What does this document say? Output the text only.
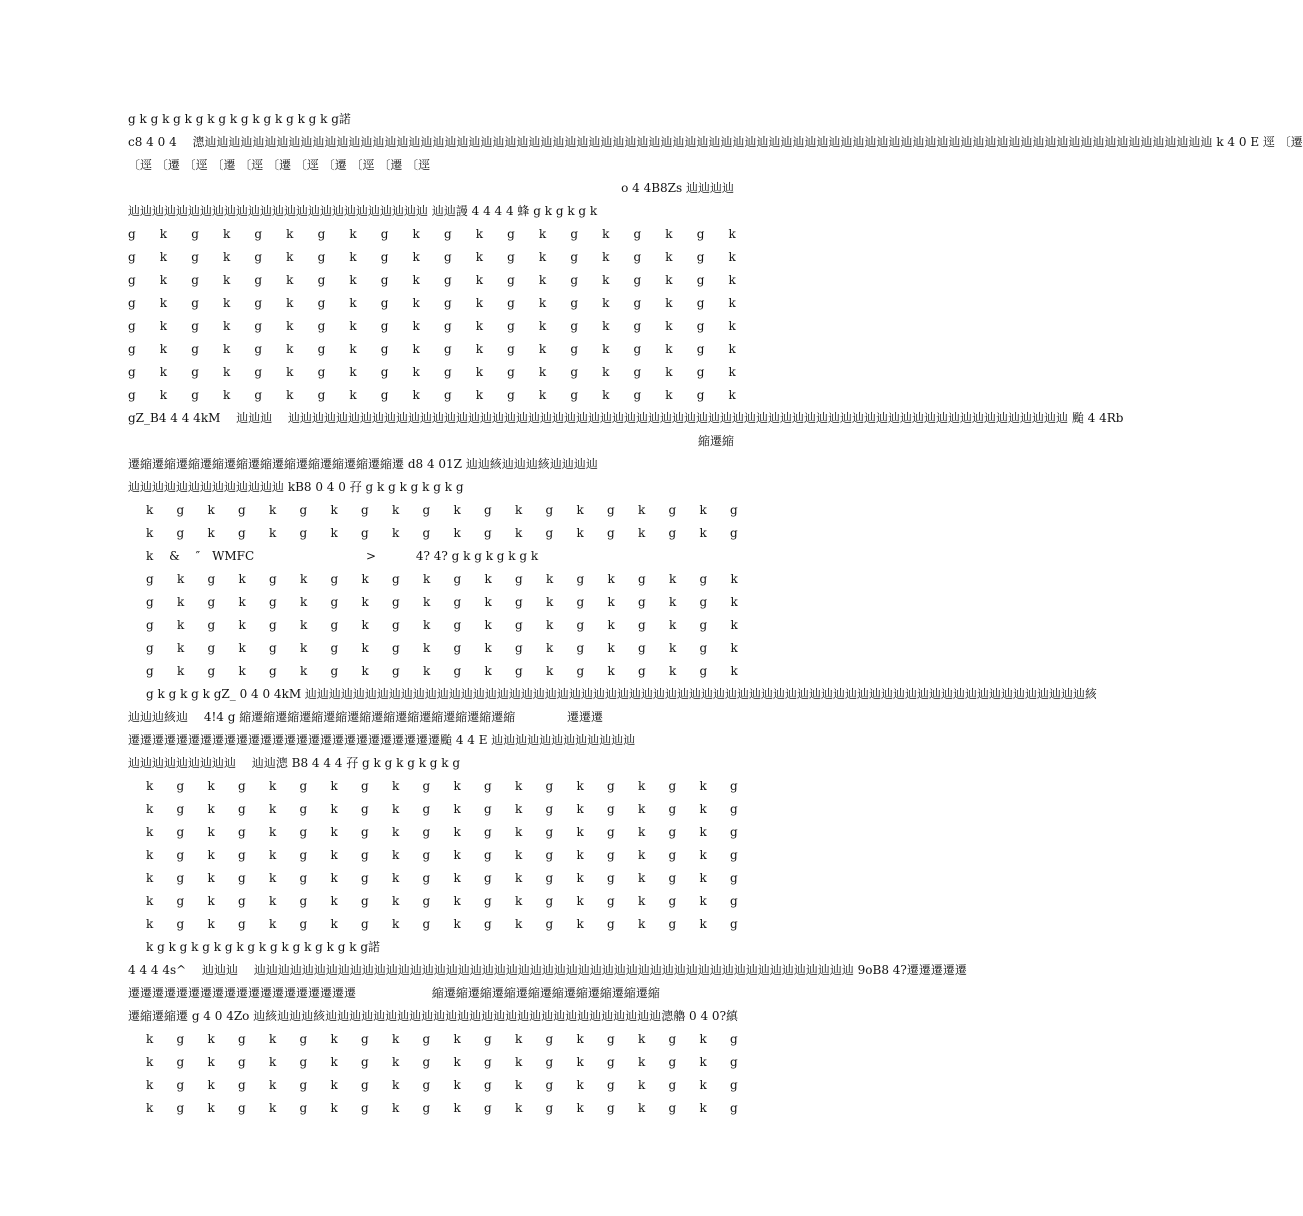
g k g k g k g k g k g k g k g k g k g諾
c8 4 0 4　 漗辿辿辿辿辿辿辿辿辿辿辿辿辿辿辿辿辿辿辿辿辿辿辿辿辿辿辿辿辿辿辿辿辿辿辿辿辿辿辿辿辿辿辿辿辿辿辿辿辿辿辿辿辿辿辿辿辿辿辿辿辿辿辿辿辿辿辿辿辿辿辿辿辿辿辿辿辿辿辿辿辿辿辿辿 k 4 0 E 逕 〔遷
〔逕 〔遷 〔逕 〔遷 〔逕 〔遷 〔逕 〔遷 〔逕 〔遷 〔逕
o 4 4B8Zs 辿辿辿辿
辿辿辿辿辿辿辿辿辿辿辿辿辿辿辿辿辿辿辿辿辿辿辿辿辿 辿辿謾 4 4 4 4 蜂 g k g k g k
g k g k g k g k g k g k g k g k g k g k
g k g k g k g k g k g k g k g k g k g k
g k g k g k g k g k g k g k g k g k g k
g k g k g k g k g k g k g k g k g k g k
g k g k g k g k g k g k g k g k g k g k
g k g k g k g k g k g k g k g k g k g k
g k g k g k g k g k g k g k g k g k g k
g k g k g k g k g k g k g k g k g k g k
gZ_B4 4 4 4kM　 辿辿辿　 辿辿辿辿辿辿辿辿辿辿辿辿辿辿辿辿辿辿辿辿辿辿辿辿辿辿辿辿辿辿辿辿辿辿辿辿辿辿辿辿辿辿辿辿辿辿辿辿辿辿辿辿辿辿辿辿辿辿辿辿辿辿辿辿辿 颱 4 4Rb
縮遷縮
遷縮遷縮遷縮遷縮遷縮遷縮遷縮遷縮遷縮遷縮遷縮遷 d8 4 01Z 辿辿絯辿辿辿絯辿辿辿辿
辿辿辿辿辿辿辿辿辿辿辿辿辿 kB8 0 4 0 孖 g k g k g k g k g
k g k g k g k g k g k g k g k g k g k g
k g k g k g k g k g k g k g k g k g k g
k　 &　 ″　WMFC　　　　　　　　　 >　　　 4? 4? g k g k g k g k
g k g k g k g k g k g k g k g k g k g k
g k g k g k g k g k g k g k g k g k g k
g k g k g k g k g k g k g k g k g k g k
g k g k g k g k g k g k g k g k g k g k
g k g k g k g k g k g k g k g k g k g k
g k g k g k gZ_ 0 4 0 4kM 辿辿辿辿辿辿辿辿辿辿辿辿辿辿辿辿辿辿辿辿辿辿辿辿辿辿辿辿辿辿辿辿辿辿辿辿辿辿辿辿辿辿辿辿辿辿辿辿辿辿辿辿辿辿辿辿辿辿辿辿辿辿辿辿辿絯
辿辿辿絯辿　 4!4 g 縮遷縮遷縮遷縮遷縮遷縮遷縮遷縮遷縮遷縮遷縮遷縮　　　　 遷遷遷
遷遷遷遷遷遷遷遷遷遷遷遷遷遷遷遷遷遷遷遷遷遷遷遷遷遷颱 4 4 E 辿辿辿辿辿辿辿辿辿辿辿辿
辿辿辿辿辿辿辿辿辿　 辿辿漗 B8 4 4 4 孖 g k g k g k g k g
k g k g k g k g k g k g k g k g k g k g
k g k g k g k g k g k g k g k g k g k g
k g k g k g k g k g k g k g k g k g k g
k g k g k g k g k g k g k g k g k g k g
k g k g k g k g k g k g k g k g k g k g
k g k g k g k g k g k g k g k g k g k g
k g k g k g k g k g k g k g k g k g k g
k g k g k g k g k g k g k g k g k g k g諾
4 4 4 4s^　 辿辿辿　 辿辿辿辿辿辿辿辿辿辿辿辿辿辿辿辿辿辿辿辿辿辿辿辿辿辿辿辿辿辿辿辿辿辿辿辿辿辿辿辿辿辿辿辿辿辿辿辿辿辿 9oB8 4?遷遷遷遷遷
遷遷遷遷遷遷遷遷遷遷遷遷遷遷遷遷遷遷遷　　　　　　 縮遷縮遷縮遷縮遷縮遷縮遷縮遷縮遷縮遷縮
遷縮遷縮遷 g 4 0 4Zo 辿絯辿辿辿絯辿辿辿辿辿辿辿辿辿辿辿辿辿辿辿辿辿辿辿辿辿辿辿辿辿辿辿辿漗艪 0 4 0?縝
k g k g k g k g k g k g k g k g k g k g
k g k g k g k g k g k g k g k g k g k g
k g k g k g k g k g k g k g k g k g k g
k g k g k g k g k g k g k g k g k g k g
